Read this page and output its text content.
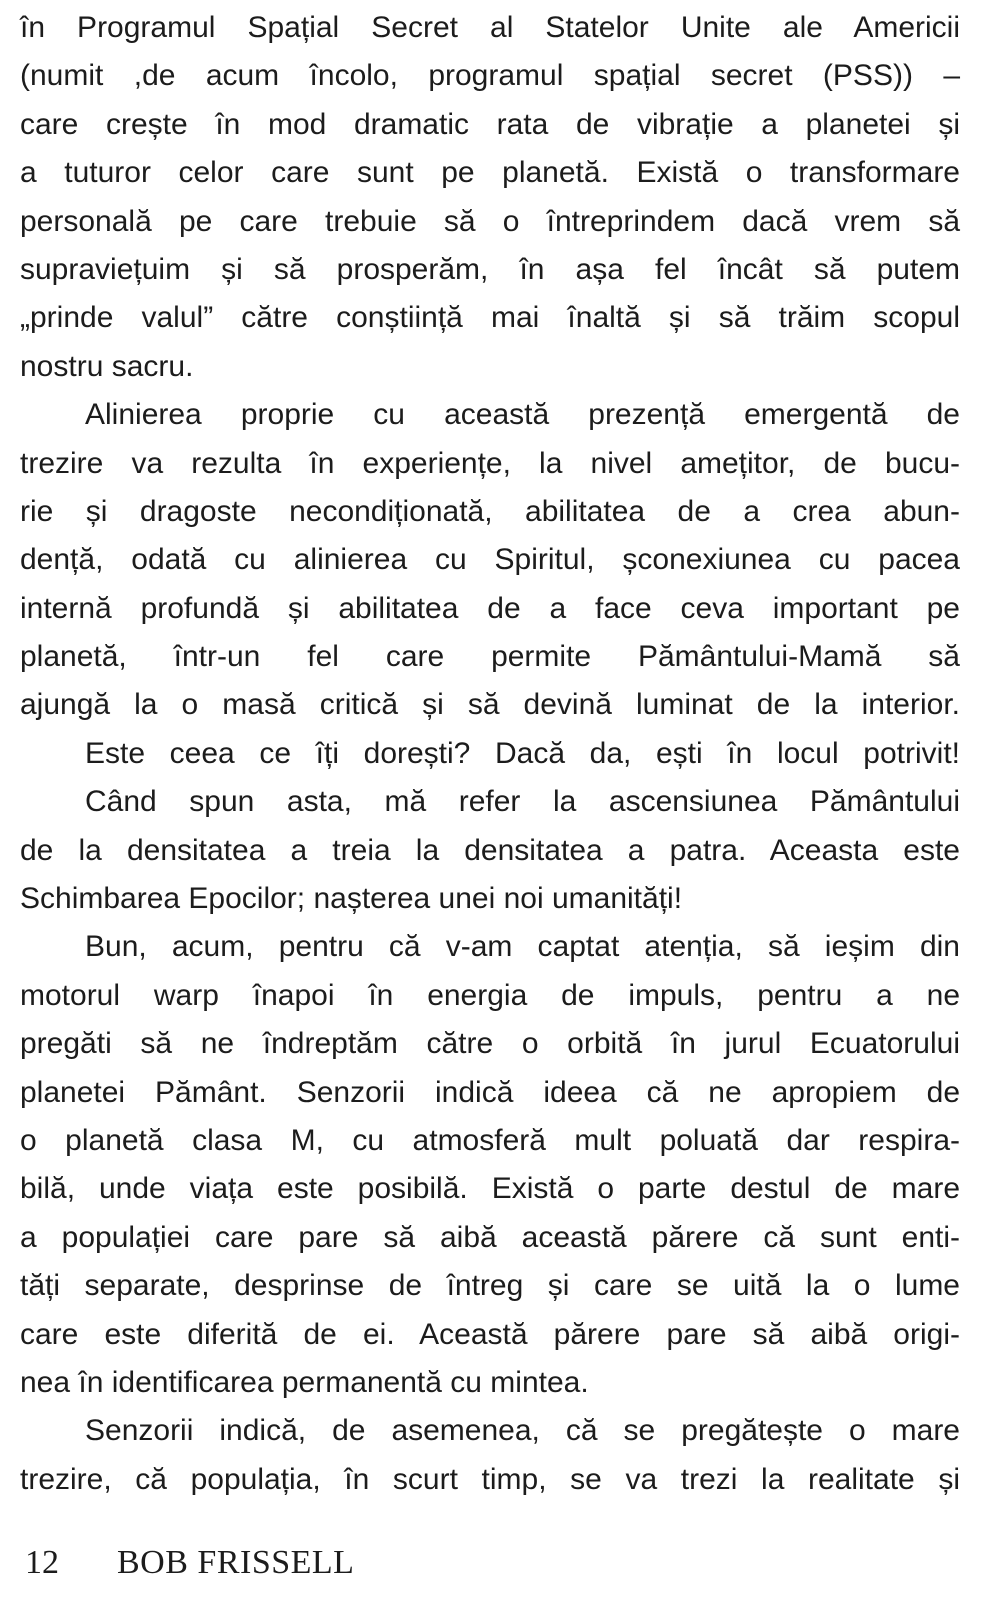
în Programul Spațial Secret al Statelor Unite ale Americii
(numit ,de acum încolo, programul spațial secret (PSS)) –
care crește în mod dramatic rata de vibrație a planetei și
a tuturor celor care sunt pe planetă. Există o transformare
personală pe care trebuie să o întreprindem dacă vrem să
supraviețuim și să prosperăm, în așa fel încât să putem
„prinde valul” către conștiință mai înaltă și să trăim scopul
nostru sacru.
Alinierea proprie cu această prezență emergentă de
trezire va rezulta în experiențe, la nivel amețitor, de bucu-
rie și dragoste necondiționată, abilitatea de a crea abun-
dență, odată cu alinierea cu Spiritul, șconexiunea cu pacea
internă profundă și abilitatea de a face ceva important pe
planetă, într-un fel care permite Pământului-Mamă să
ajungă la o masă critică și să devină luminat de la interior.
Este ceea ce îți dorești? Dacă da, ești în locul potrivit!
Când spun asta, mă refer la ascensiunea Pământului
de la densitatea a treia la densitatea a patra. Aceasta este
Schimbarea Epocilor; nașterea unei noi umanități!
Bun, acum, pentru că v-am captat atenția, să ieșim din
motorul warp înapoi în energia de impuls, pentru a ne
pregăti să ne îndreptăm către o orbită în jurul Ecuatorului
planetei Pământ. Senzorii indică ideea că ne apropiem de
o planetă clasa M, cu atmosferă mult poluată dar respira-
bilă, unde viața este posibilă. Există o parte destul de mare
a populației care pare să aibă această părere că sunt enti-
tăți separate, desprinse de întreg și care se uită la o lume
care este diferită de ei. Această părere pare să aibă origi-
nea în identificarea permanentă cu mintea.
Senzorii indică, de asemenea, că se pregătește o mare
trezire, că populația, în scurt timp, se va trezi la realitate și
12 BOB FRISSELL
